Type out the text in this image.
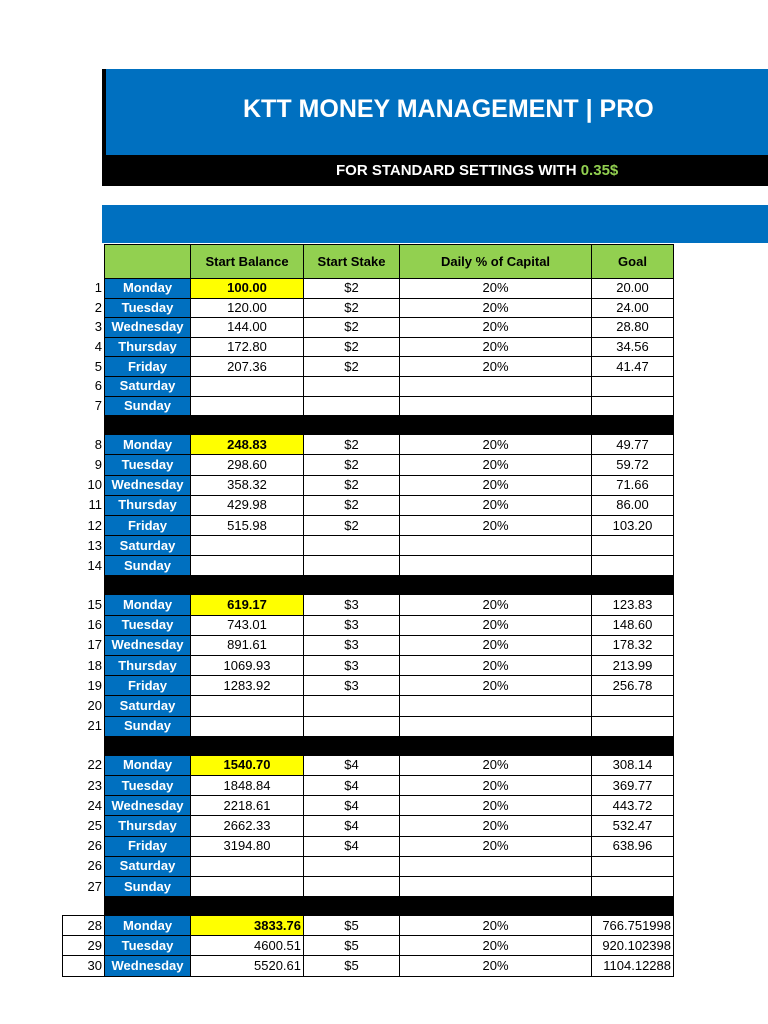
KTT MONEY MANAGEMENT | PRO
FOR STANDARD SETTINGS WITH 0.35$
		Start Balance	Start Stake	Daily % of Capital	Goal
1	Monday	100.00	$2	20%	20.00
2	Tuesday	120.00	$2	20%	24.00
3	Wednesday	144.00	$2	20%	28.80
4	Thursday	172.80	$2	20%	34.56
5	Friday	207.36	$2	20%	41.47
6	Saturday				
7	Sunday				

8	Monday	248.83	$2	20%	49.77
9	Tuesday	298.60	$2	20%	59.72
10	Wednesday	358.32	$2	20%	71.66
11	Thursday	429.98	$2	20%	86.00
12	Friday	515.98	$2	20%	103.20
13	Saturday				
14	Sunday				

15	Monday	619.17	$3	20%	123.83
16	Tuesday	743.01	$3	20%	148.60
17	Wednesday	891.61	$3	20%	178.32
18	Thursday	1069.93	$3	20%	213.99
19	Friday	1283.92	$3	20%	256.78
20	Saturday				
21	Sunday				

22	Monday	1540.70	$4	20%	308.14
23	Tuesday	1848.84	$4	20%	369.77
24	Wednesday	2218.61	$4	20%	443.72
25	Thursday	2662.33	$4	20%	532.47
26	Friday	3194.80	$4	20%	638.96
26	Saturday				
27	Sunday				

28	Monday	3833.76	$5	20%	766.751998
29	Tuesday	4600.51	$5	20%	920.102398
30	Wednesday	5520.61	$5	20%	1104.12288
